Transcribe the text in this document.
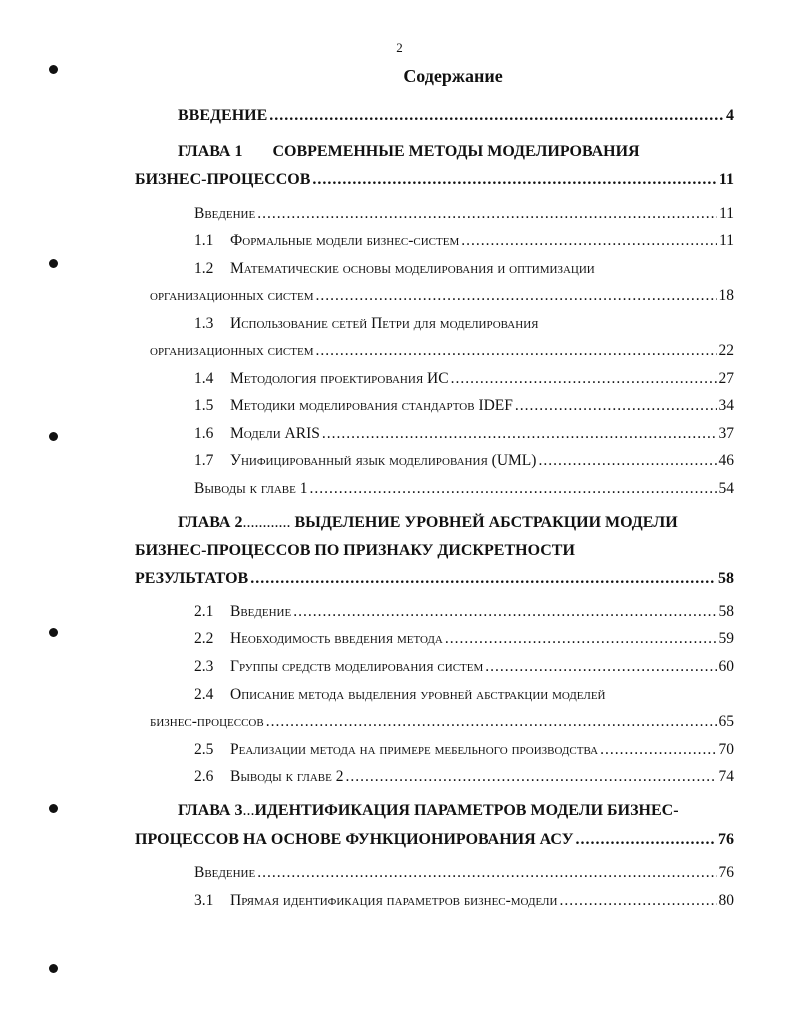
2
Содержание
ВВЕДЕНИЕ .....	4
ГЛАВА 1 СОВРЕМЕННЫЕ МЕТОДЫ МОДЕЛИРОВАНИЯ
БИЗНЕС-ПРОЦЕССОВ .....	11
Введение .....	11
1.1	Формальные модели бизнес-систем .....	11
1.2 Математические основы моделирования и оптимизации
организационных систем .....	18
1.3 Использование сетей Петри для моделирования
организационных систем .....	22
1.4	Методология проектирования ИС .....	27
1.5	Методики моделирования стандартов IDEF .....	34
1.6	Модели ARIS .....	37
1.7	Унифицированный язык моделирования (UML) .....	46
Выводы к главе 1 .....	54
ГЛАВА 2............ ВЫДЕЛЕНИЕ УРОВНЕЙ АБСТРАКЦИИ МОДЕЛИ
БИЗНЕС-ПРОЦЕССОВ ПО ПРИЗНАКУ ДИСКРЕТНОСТИ
РЕЗУЛЬТАТОВ .....	58
2.1	Введение .....	58
2.2	Необходимость введения метода .....	59
2.3	Группы средств моделирования систем .....	60
2.4 Описание метода выделения уровней абстракции моделей
бизнес-процессов .....	65
2.5	Реализации метода на примере мебельного производства .....	70
2.6	Выводы к главе 2 .....	74
ГЛАВА 3...ИДЕНТИФИКАЦИЯ ПАРАМЕТРОВ МОДЕЛИ БИЗНЕС-
ПРОЦЕССОВ НА ОСНОВЕ ФУНКЦИОНИРОВАНИЯ АСУ .....	76
Введение .....	76
3.1	Прямая идентификация параметров бизнес-модели .....	80
